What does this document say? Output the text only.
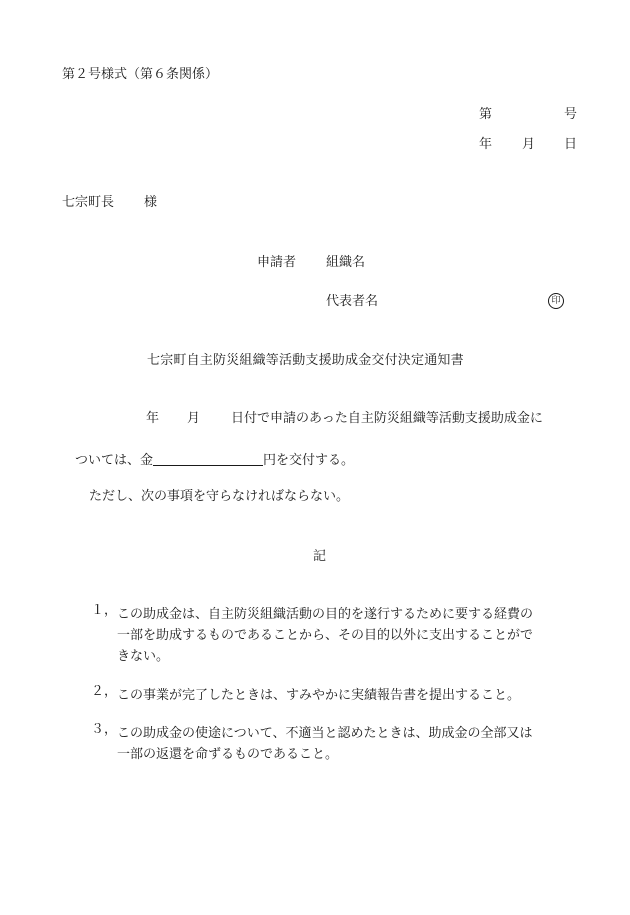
第２号様式（第６条関係）
第	号
年 月 日
七宗町長 様
申請者 組織名
代表者名	印
七宗町自主防災組織等活動支援助成金交付決定通知書
年 月 日付で申請のあった自主防災組織等活動支援助成金に
ついては、金	円を交付する。
ただし、次の事項を守らなければならない。
記
１， この助成金は、自主防災組織活動の目的を遂行するために要する経費の
一部を助成するものであることから、その目的以外に支出することがで
きない。
２， この事業が完了したときは、すみやかに実績報告書を提出すること。
３， この助成金の使途について、不適当と認めたときは、助成金の全部又は
一部の返還を命ずるものであること。
